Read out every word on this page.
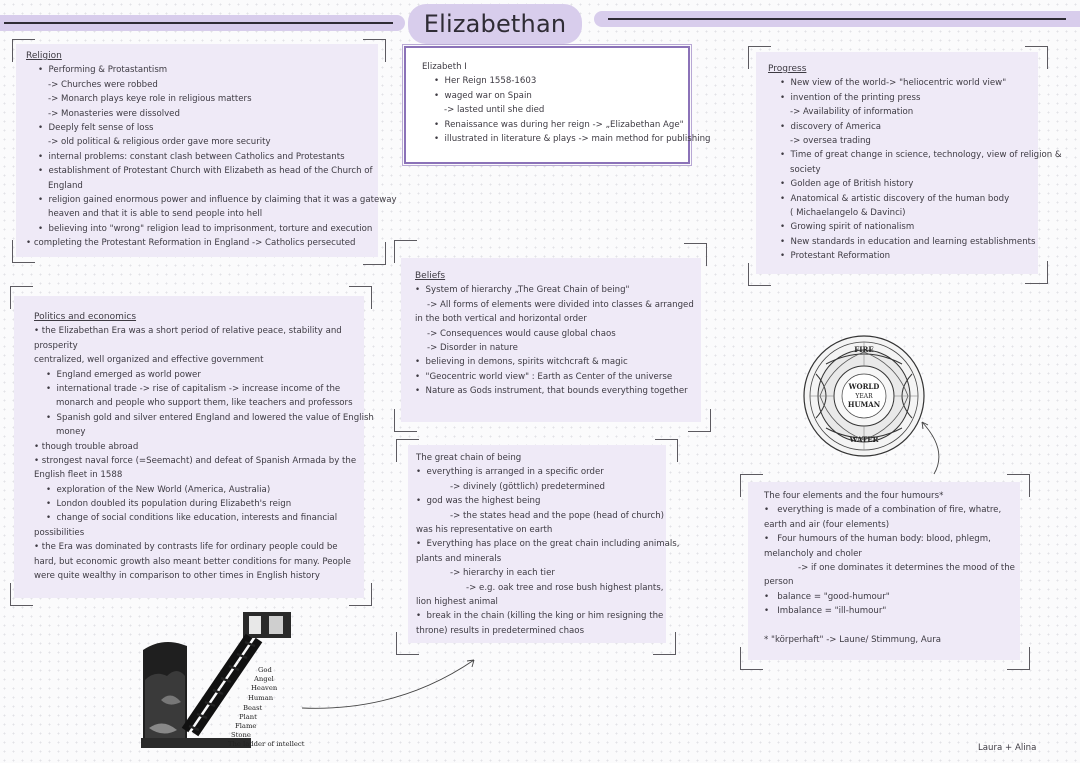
Elizabethan
Religion
•  Performing & Protastantism
-> Churches were robbed
-> Monarch plays keye role in religious matters
-> Monasteries were dissolved
•  Deeply felt sense of loss
-> old political & religious order gave more security
•  internal problems: constant clash between Catholics and Protestants
•  establishment of Protestant Church with Elizabeth as head of the Church of
England
•  religion gained enormous power and influence by claiming that it was a gateway
heaven and that it is able to send people into hell
•  believing into "wrong" religion lead to imprisonment, torture and execution
• completing the Protestant Reformation in England -> Catholics persecuted
Elizabeth I
•  Her Reign 1558-1603
•  waged war on Spain
-> lasted until she died
•  Renaissance was during her reign -> „Elizabethan Age"
•  illustrated in literature & plays -> main method for publishing
Progress
•  New view of the world-> "heliocentric world view"
•  invention of the printing press
-> Availability of information
•  discovery of America
-> oversea trading
•  Time of great change in science, technology, view of religion &
society
•  Golden age of British history
•  Anatomical & artistic discovery of the human body
( Michaelangelo & Davinci)
•  Growing spirit of nationalism
•  New standards in education and learning establishments
•  Protestant Reformation
Politics and economics
• the Elizabethan Era was a short period of relative peace, stability and
prosperity
centralized, well organized and effective government
•  England emerged as world power
•  international trade -> rise of capitalism -> increase income of the
monarch and people who support them, like teachers and professors
•  Spanish gold and silver entered England and lowered the value of English
money
• though trouble abroad
• strongest naval force (=Seemacht) and defeat of Spanish Armada by the
English fleet in 1588
•  exploration of the New World (America, Australia)
•  London doubled its population during Elizabeth's reign
•  change of social conditions like education, interests and financial
possibilities
• the Era was dominated by contrasts life for ordinary people could be
hard, but economic growth also meant better conditions for many. People
were quite wealthy in comparison to other times in English history
Beliefs
•  System of hierarchy „The Great Chain of being"
-> All forms of elements were divided into classes & arranged
in the both vertical and horizontal order
-> Consequences would cause global chaos
-> Disorder in nature
•  believing in demons, spirits witchcraft & magic
•  "Geocentric world view" : Earth as Center of the universe
•  Nature as Gods instrument, that bounds everything together
FIRE
WORLD
YEAR
HUMAN
WATER
The great chain of being
•  everything is arranged in a specific order
-> divinely (göttlich) predetermined
•  god was the highest being
-> the states head and the pope (head of church)
was his representative on earth
•  Everything has place on the great chain including animals,
plants and minerals
-> hierarchy in each tier
-> e.g. oak tree and rose bush highest plants,
lion highest animal
•  break in the chain (killing the king or him resigning the
throne) results in predetermined chaos
The four elements and the four humours*
•   everything is made of a combination of fire, whatre,
earth and air (four elements)
•   Four humours of the human body: blood, phlegm,
melancholy and choler
-> if one dominates it determines the mood of the
person
•   balance = "good-humour"
•   Imbalance = "ill-humour"
* "körperhaft" -> Laune/ Stimmung, Aura
God
Angel
Heaven
Human
Beast
Plant
Flame
Stone
The ladder of intellect	Laura + Alina
